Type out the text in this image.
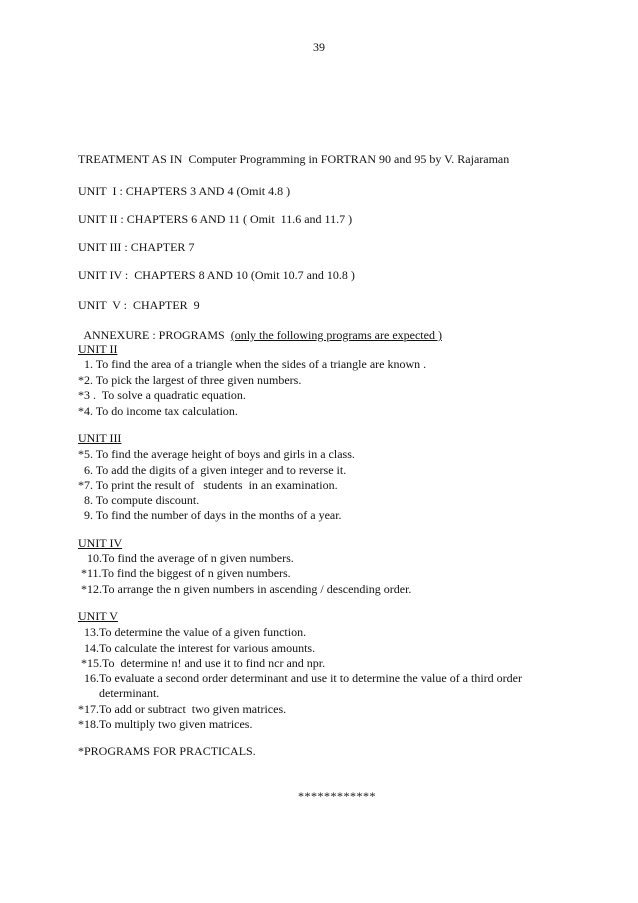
39
TREATMENT AS IN  Computer Programming in FORTRAN 90 and 95 by V. Rajaraman
UNIT  I : CHAPTERS 3 AND 4 (Omit 4.8 )
UNIT II : CHAPTERS 6 AND 11 ( Omit  11.6 and 11.7 )
UNIT III : CHAPTER 7
UNIT IV :  CHAPTERS 8 AND 10 (Omit 10.7 and 10.8 )
UNIT  V :  CHAPTER  9

ANNEXURE : PROGRAMS  (only the following programs are expected )

UNIT II
1. To find the area of a triangle when the sides of a triangle are known .
*2. To pick the largest of three given numbers.
*3 .  To solve a quadratic equation.
*4. To do income tax calculation.
UNIT III
*5. To find the average height of boys and girls in a class.
6. To add the digits of a given integer and to reverse it.
*7. To print the result of   students  in an examination.
8. To compute discount.
9. To find the number of days in the months of a year.
UNIT IV
10.To find the average of n given numbers.
*11.To find the biggest of n given numbers.
*12.To arrange the n given numbers in ascending / descending order.
UNIT V
13.To determine the value of a given function.
14.To calculate the interest for various amounts.
*15.To  determine n! and use it to find ncr and npr.
16.To evaluate a second order determinant and use it to determine the value of a third order
determinant.
*17.To add or subtract  two given matrices.
*18.To multiply two given matrices.
*PROGRAMS FOR PRACTICALS.
************
